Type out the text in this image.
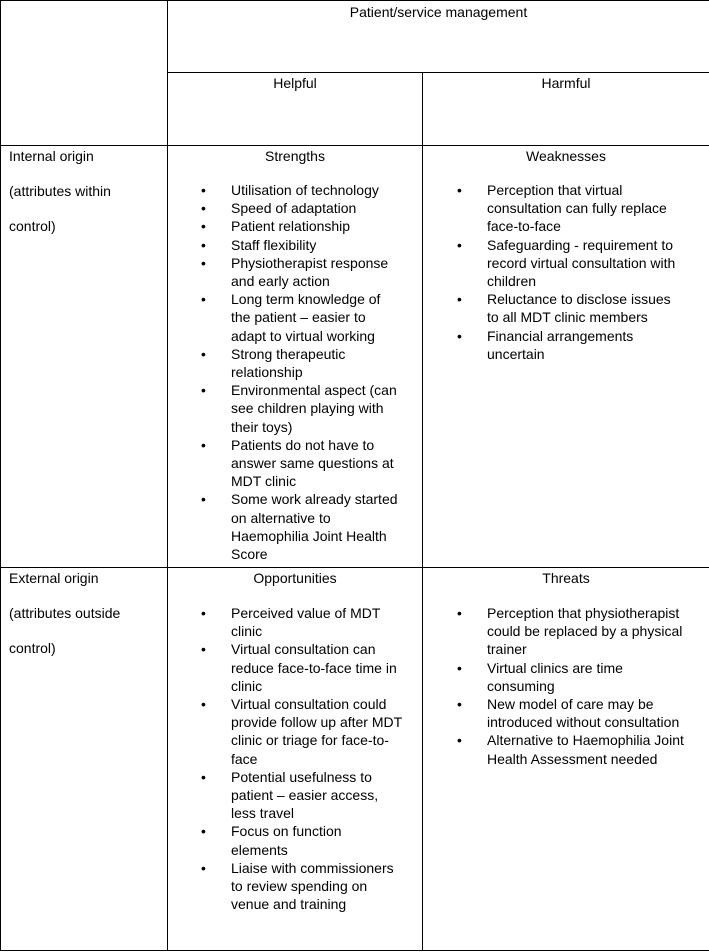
Patient/service management
Helpful	Harmful
Internal origin
(attributes within
control)
Strengths
• Utilisation of technology
• Speed of adaptation
• Patient relationship
• Staff flexibility
• Physiotherapist response
and early action
• Long term knowledge of
the patient – easier to
adapt to virtual working
• Strong therapeutic
relationship
• Environmental aspect (can
see children playing with
their toys)
• Patients do not have to
answer same questions at
MDT clinic
• Some work already started
on alternative to
Haemophilia Joint Health
Score
Weaknesses
• Perception that virtual
consultation can fully replace
face-to-face
• Safeguarding - requirement to
record virtual consultation with
children
• Reluctance to disclose issues
to all MDT clinic members
• Financial arrangements
uncertain
External origin
(attributes outside
control)
Opportunities
• Perceived value of MDT
clinic
• Virtual consultation can
reduce face-to-face time in
clinic
• Virtual consultation could
provide follow up after MDT
clinic or triage for face-to-
face
• Potential usefulness to
patient – easier access,
less travel
• Focus on function
elements
• Liaise with commissioners
to review spending on
venue and training
Threats
• Perception that physiotherapist
could be replaced by a physical
trainer
• Virtual clinics are time
consuming
• New model of care may be
introduced without consultation
• Alternative to Haemophilia Joint
Health Assessment needed
